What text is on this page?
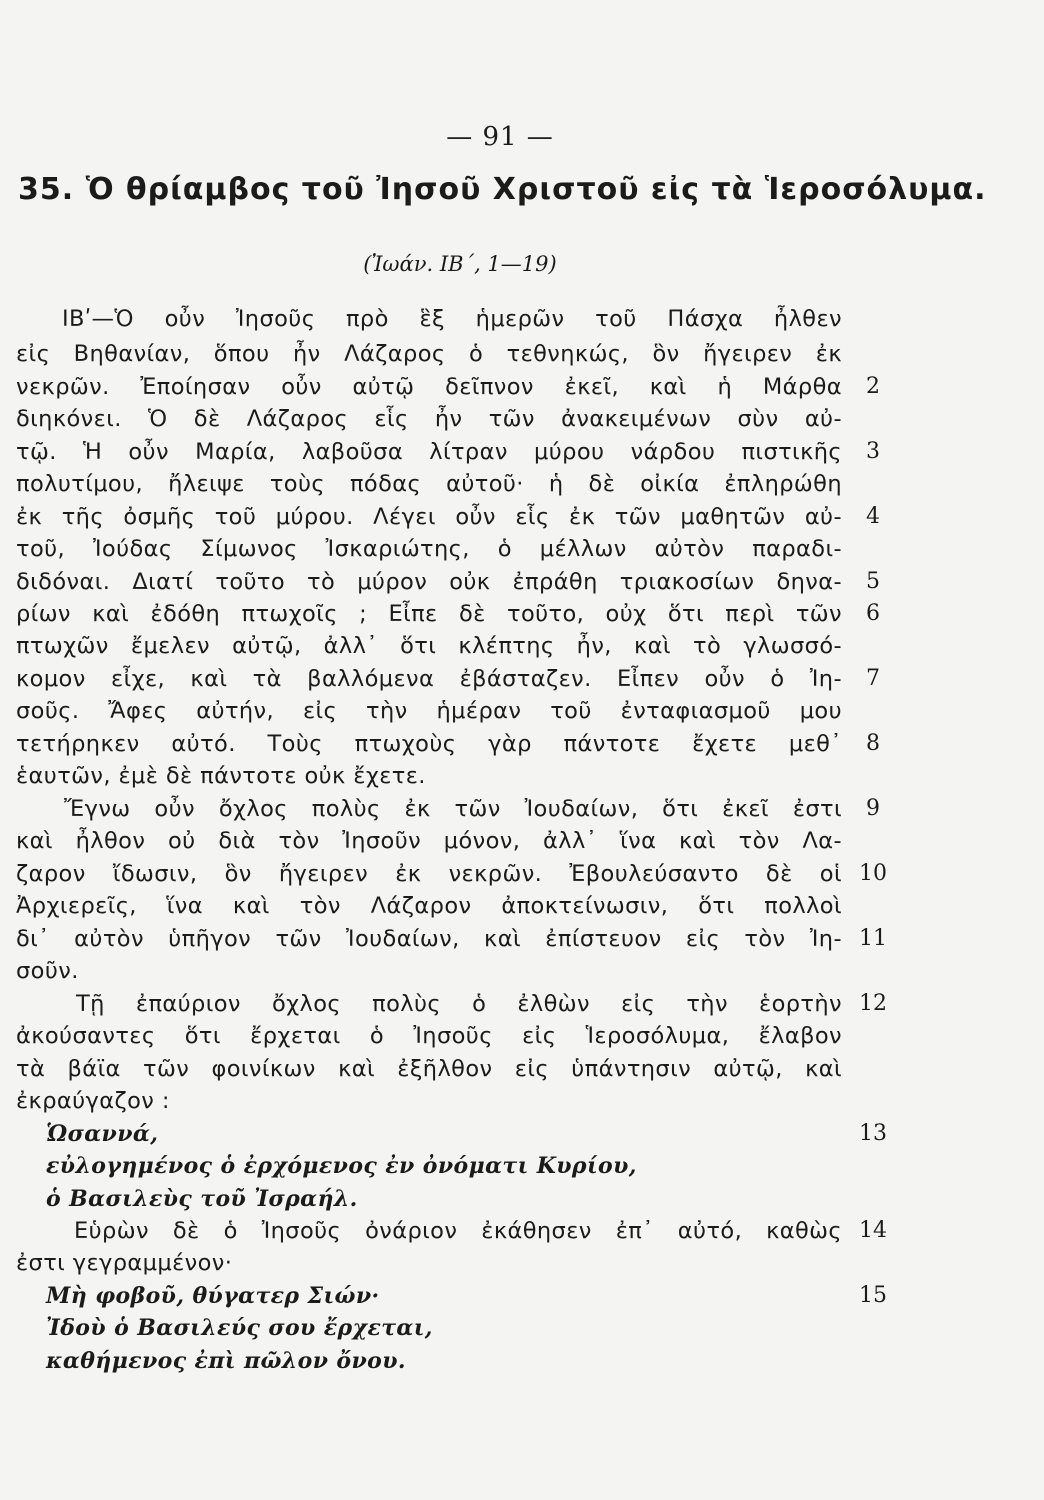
— 91 —
35. Ὁ θρίαμβος τοῦ Ἰησοῦ Χριστοῦ εἰς τὰ Ἱεροσόλυμα.
(Ἰωάν. ΙΒ΄, 1—19)
ΙΒʹ—Ὁ οὖν Ἰησοῦς πρὸ ἓξ ἡμερῶν τοῦ Πάσχα ἦλθεν
εἰς Βηθανίαν, ὅπου ἦν Λάζαρος ὁ τεθνηκώς, ὃν ἤγειρεν ἐκ
νεκρῶν. Ἐποίησαν οὖν αὐτῷ δεῖπνον ἐκεῖ, καὶ ἡ Μάρθα	2
διηκόνει. Ὁ δὲ Λάζαρος εἷς ἦν τῶν ἀνακειμένων σὺν αὐ-
τῷ. Ἡ οὖν Μαρία, λαβοῦσα λίτραν μύρου νάρδου πιστικῆς	3
πολυτίμου, ἤλειψε τοὺς πόδας αὐτοῦ· ἡ δὲ οἰκία ἐπληρώθη
ἐκ τῆς ὀσμῆς τοῦ μύρου. Λέγει οὖν εἷς ἐκ τῶν μαθητῶν αὐ-	4
τοῦ, Ἰούδας Σίμωνος Ἰσκαριώτης, ὁ μέλλων αὐτὸν παραδι-
διδόναι. Διατί τοῦτο τὸ μύρον οὐκ ἐπράθη τριακοσίων δηνα-	5
ρίων καὶ ἐδόθη πτωχοῖς ; Εἶπε δὲ τοῦτο, οὐχ ὅτι περὶ τῶν	6
πτωχῶν ἔμελεν αὐτῷ, ἀλλ᾽ ὅτι κλέπτης ἦν, καὶ τὸ γλωσσό-
κομον εἶχε, καὶ τὰ βαλλόμενα ἐβάσταζεν. Εἶπεν οὖν ὁ Ἰη-	7
σοῦς. Ἄφες αὐτήν, εἰς τὴν ἡμέραν τοῦ ἐνταφιασμοῦ μου
τετήρηκεν αὐτό. Τοὺς πτωχοὺς γὰρ πάντοτε ἔχετε μεθ᾽	8
ἑαυτῶν, ἐμὲ δὲ πάντοτε οὐκ ἔχετε.
Ἔγνω οὖν ὄχλος πολὺς ἐκ τῶν Ἰουδαίων, ὅτι ἐκεῖ ἐστι	9
καὶ ἦλθον οὐ διὰ τὸν Ἰησοῦν μόνον, ἀλλ᾽ ἵνα καὶ τὸν Λα-
ζαρον ἴδωσιν, ὃν ἤγειρεν ἐκ νεκρῶν. Ἐβουλεύσαντο δὲ οἱ 10
Ἀρχιερεῖς, ἵνα καὶ τὸν Λάζαρον ἀποκτείνωσιν, ὅτι πολλοὶ
δι᾽ αὐτὸν ὑπῆγον τῶν Ἰουδαίων, καὶ ἐπίστευον εἰς τὸν Ἰη- 11
σοῦν.
Τῇ ἐπαύριον ὄχλος πολὺς ὁ ἐλθὼν εἰς τὴν ἑορτὴν 12
ἀκούσαντες ὅτι ἔρχεται ὁ Ἰησοῦς εἰς Ἱεροσόλυμα, ἔλαβον
τὰ βάϊα τῶν φοινίκων καὶ ἐξῆλθον εἰς ὑπάντησιν αὐτῷ, καὶ
ἐκραύγαζον :
Ὡσαννά,	13
εὐλογημένος ὁ ἐρχόμενος ἐν ὀνόματι Κυρίου,
ὁ Βασιλεὺς τοῦ Ἰσραήλ.
Εὑρὼν δὲ ὁ Ἰησοῦς ὀνάριον ἐκάθησεν ἐπ᾽ αὐτό, καθὼς 14
ἐστι γεγραμμένον·
Μὴ φοβοῦ, θύγατερ Σιών·	15
Ἰδοὺ ὁ Βασιλεύς σου ἔρχεται,
καθήμενος ἐπὶ πῶλον ὄνου.
